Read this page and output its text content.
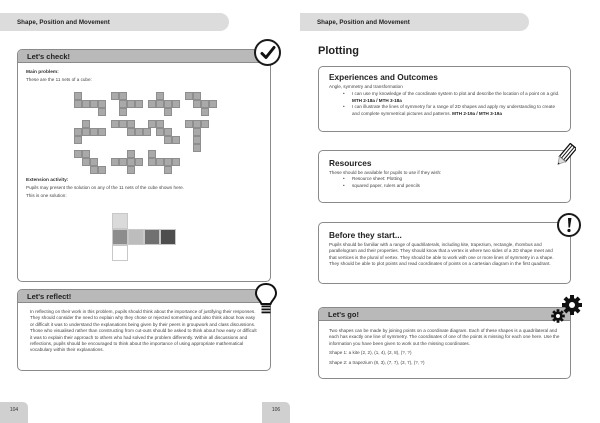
Shape, Position and Movement
Let's check!
Main problem:
These are the 11 nets of a cube:
Extension activity:
Pupils may present the solution on any of the 11 nets of the cube shown here.
This is one solution:
Let's reflect!
In reflecting on their work in this problem, pupils should think about the importance of justifying their responses. They should consider the need to explain why they chose or rejected something and also think about how easy or difficult it was to understand the explanations being given by their peers in groupwork and class discussions. Those who visualised rather than constructing from cut-outs should be asked to think about how easy or difficult it was to explain their approach to others who had solved the problem differently. Within all discussions and reflections, pupils should be encouraged to think about the importance of using appropriate mathematical vocabulary within their explanations.
104
Shape, Position and Movement
Plotting
Experiences and Outcomes
Angle, symmetry and transformation
• I can use my knowledge of the coordinate system to plot and describe the location of a point on a grid. MTH 2-18a / MTH 3-18a
• I can illustrate the lines of symmetry for a range of 2D shapes and apply my understanding to create and complete symmetrical pictures and patterns. MTH 2-19a / MTH 3-19a
Resources
These should be available for pupils to use if they wish:
• Resource sheet: Plotting
• squared paper, rulers and pencils
Before they start...
Pupils should be familiar with a range of quadrilaterals, including kite, trapezium, rectangle, rhombus and parallelogram and their properties. They should know that a vertex is where two sides of a 2D shape meet and that vertices is the plural of vertex. They should be able to work with one or more lines of symmetry in a shape. They should be able to plot points and read coordinates of points on a cartesian diagram in the first quadrant.
Let's go!
Two shapes can be made by joining points on a coordinate diagram. Each of these shapes is a quadrilateral and each has exactly one line of symmetry. The coordinates of one of the points is missing for each one here. Use the information you have been given to work out the missing coordinates.
Shape 1: a kite (2, 2), (1, 4), (2, 8), (?, ?)
Shape 2: a trapezium (8, 3), (7, 7), (3, 7), (?, ?)
106
